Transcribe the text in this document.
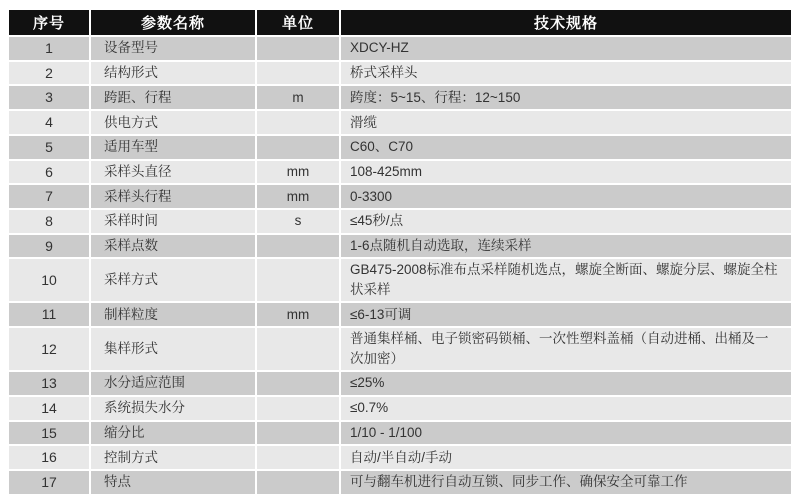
序号	参数名称	单位	技术规格
1	设备型号		XDCY-HZ
2	结构形式		桥式采样头
3	跨距、行程	m	跨度：5~15、行程：12~150
4	供电方式		滑缆
5	适用车型		C60、C70
6	采样头直径	mm	108-425mm
7	采样头行程	mm	0-3300
8	采样时间	s	≤45秒/点
9	采样点数		1-6点随机自动选取，连续采样
10	采样方式		GB475-2008标准布点采样随机选点，螺旋全断面、螺旋分层、螺旋全柱状采样
11	制样粒度	mm	≤6-13可调
12	集样形式		普通集样桶、电子锁密码锁桶、一次性塑料盖桶（自动进桶、出桶及一次加密）
13	水分适应范围		≤25%
14	系统损失水分		≤0.7%
15	缩分比		1/10 - 1/100
16	控制方式		自动/半自动/手动
17	特点		可与翻车机进行自动互锁、同步工作、确保安全可靠工作
